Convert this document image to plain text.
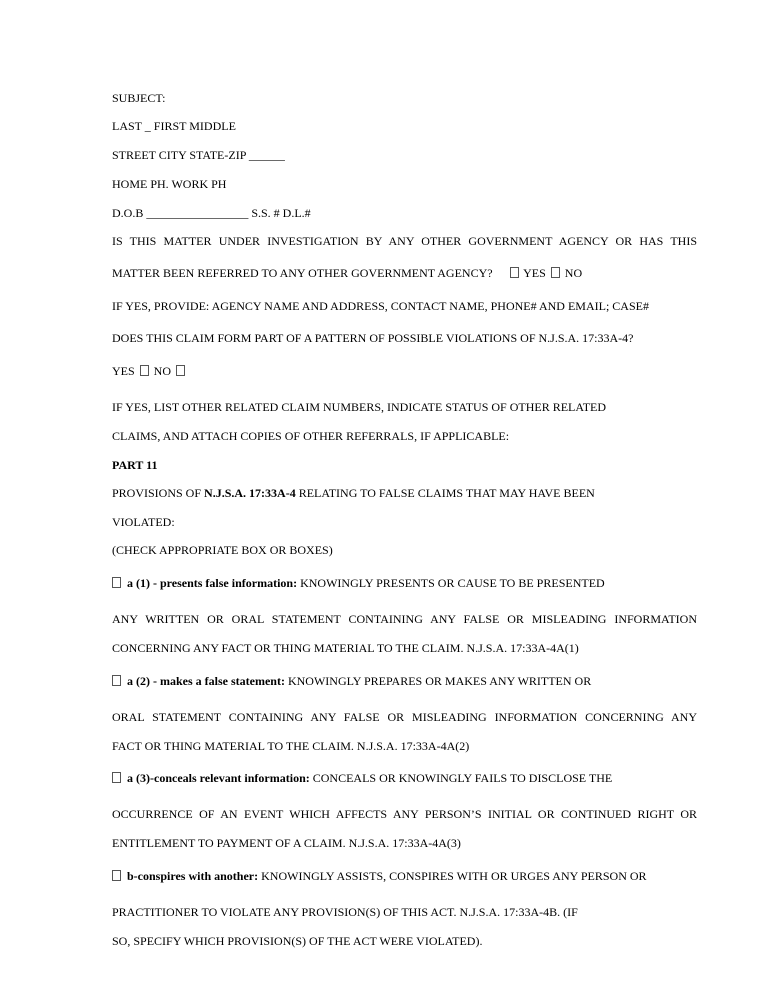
SUBJECT:
LAST _ FIRST MIDDLE
STREET CITY STATE-ZIP ______
HOME PH. WORK PH
D.O.B _________________ S.S. # D.L.#
IS THIS MATTER UNDER INVESTIGATION BY ANY OTHER GOVERNMENT AGENCY OR HAS THIS
MATTER BEEN REFERRED TO ANY OTHER GOVERNMENT AGENCY?	YES NO
IF YES, PROVIDE: AGENCY NAME AND ADDRESS, CONTACT NAME, PHONE# AND EMAIL; CASE#
DOES THIS CLAIM FORM PART OF A PATTERN OF POSSIBLE VIOLATIONS OF N.J.S.A. 17:33A-4?
YES NO
IF YES, LIST OTHER RELATED CLAIM NUMBERS, INDICATE STATUS OF OTHER RELATED
CLAIMS, AND ATTACH COPIES OF OTHER REFERRALS, IF APPLICABLE:
PART 11
PROVISIONS OF N.J.S.A. 17:33A-4 RELATING TO FALSE CLAIMS THAT MAY HAVE BEEN
VIOLATED:
(CHECK APPROPRIATE BOX OR BOXES)
a (1) - presents false information: KNOWINGLY PRESENTS OR CAUSE TO BE PRESENTED
ANY WRITTEN OR ORAL STATEMENT CONTAINING ANY FALSE OR MISLEADING INFORMATION
CONCERNING ANY FACT OR THING MATERIAL TO THE CLAIM. N.J.S.A. 17:33A-4A(1)
a (2) - makes a false statement: KNOWINGLY PREPARES OR MAKES ANY WRITTEN OR
ORAL STATEMENT CONTAINING ANY FALSE OR MISLEADING INFORMATION CONCERNING ANY
FACT OR THING MATERIAL TO THE CLAIM. N.J.S.A. 17:33A-4A(2)
a (3)-conceals relevant information: CONCEALS OR KNOWINGLY FAILS TO DISCLOSE THE
OCCURRENCE OF AN EVENT WHICH AFFECTS ANY PERSON’S INITIAL OR CONTINUED RIGHT OR
ENTITLEMENT TO PAYMENT OF A CLAIM. N.J.S.A. 17:33A-4A(3)
b-conspires with another: KNOWINGLY ASSISTS, CONSPIRES WITH OR URGES ANY PERSON OR
PRACTITIONER TO VIOLATE ANY PROVISION(S) OF THIS ACT. N.J.S.A. 17:33A-4B. (IF
SO, SPECIFY WHICH PROVISION(S) OF THE ACT WERE VIOLATED).
